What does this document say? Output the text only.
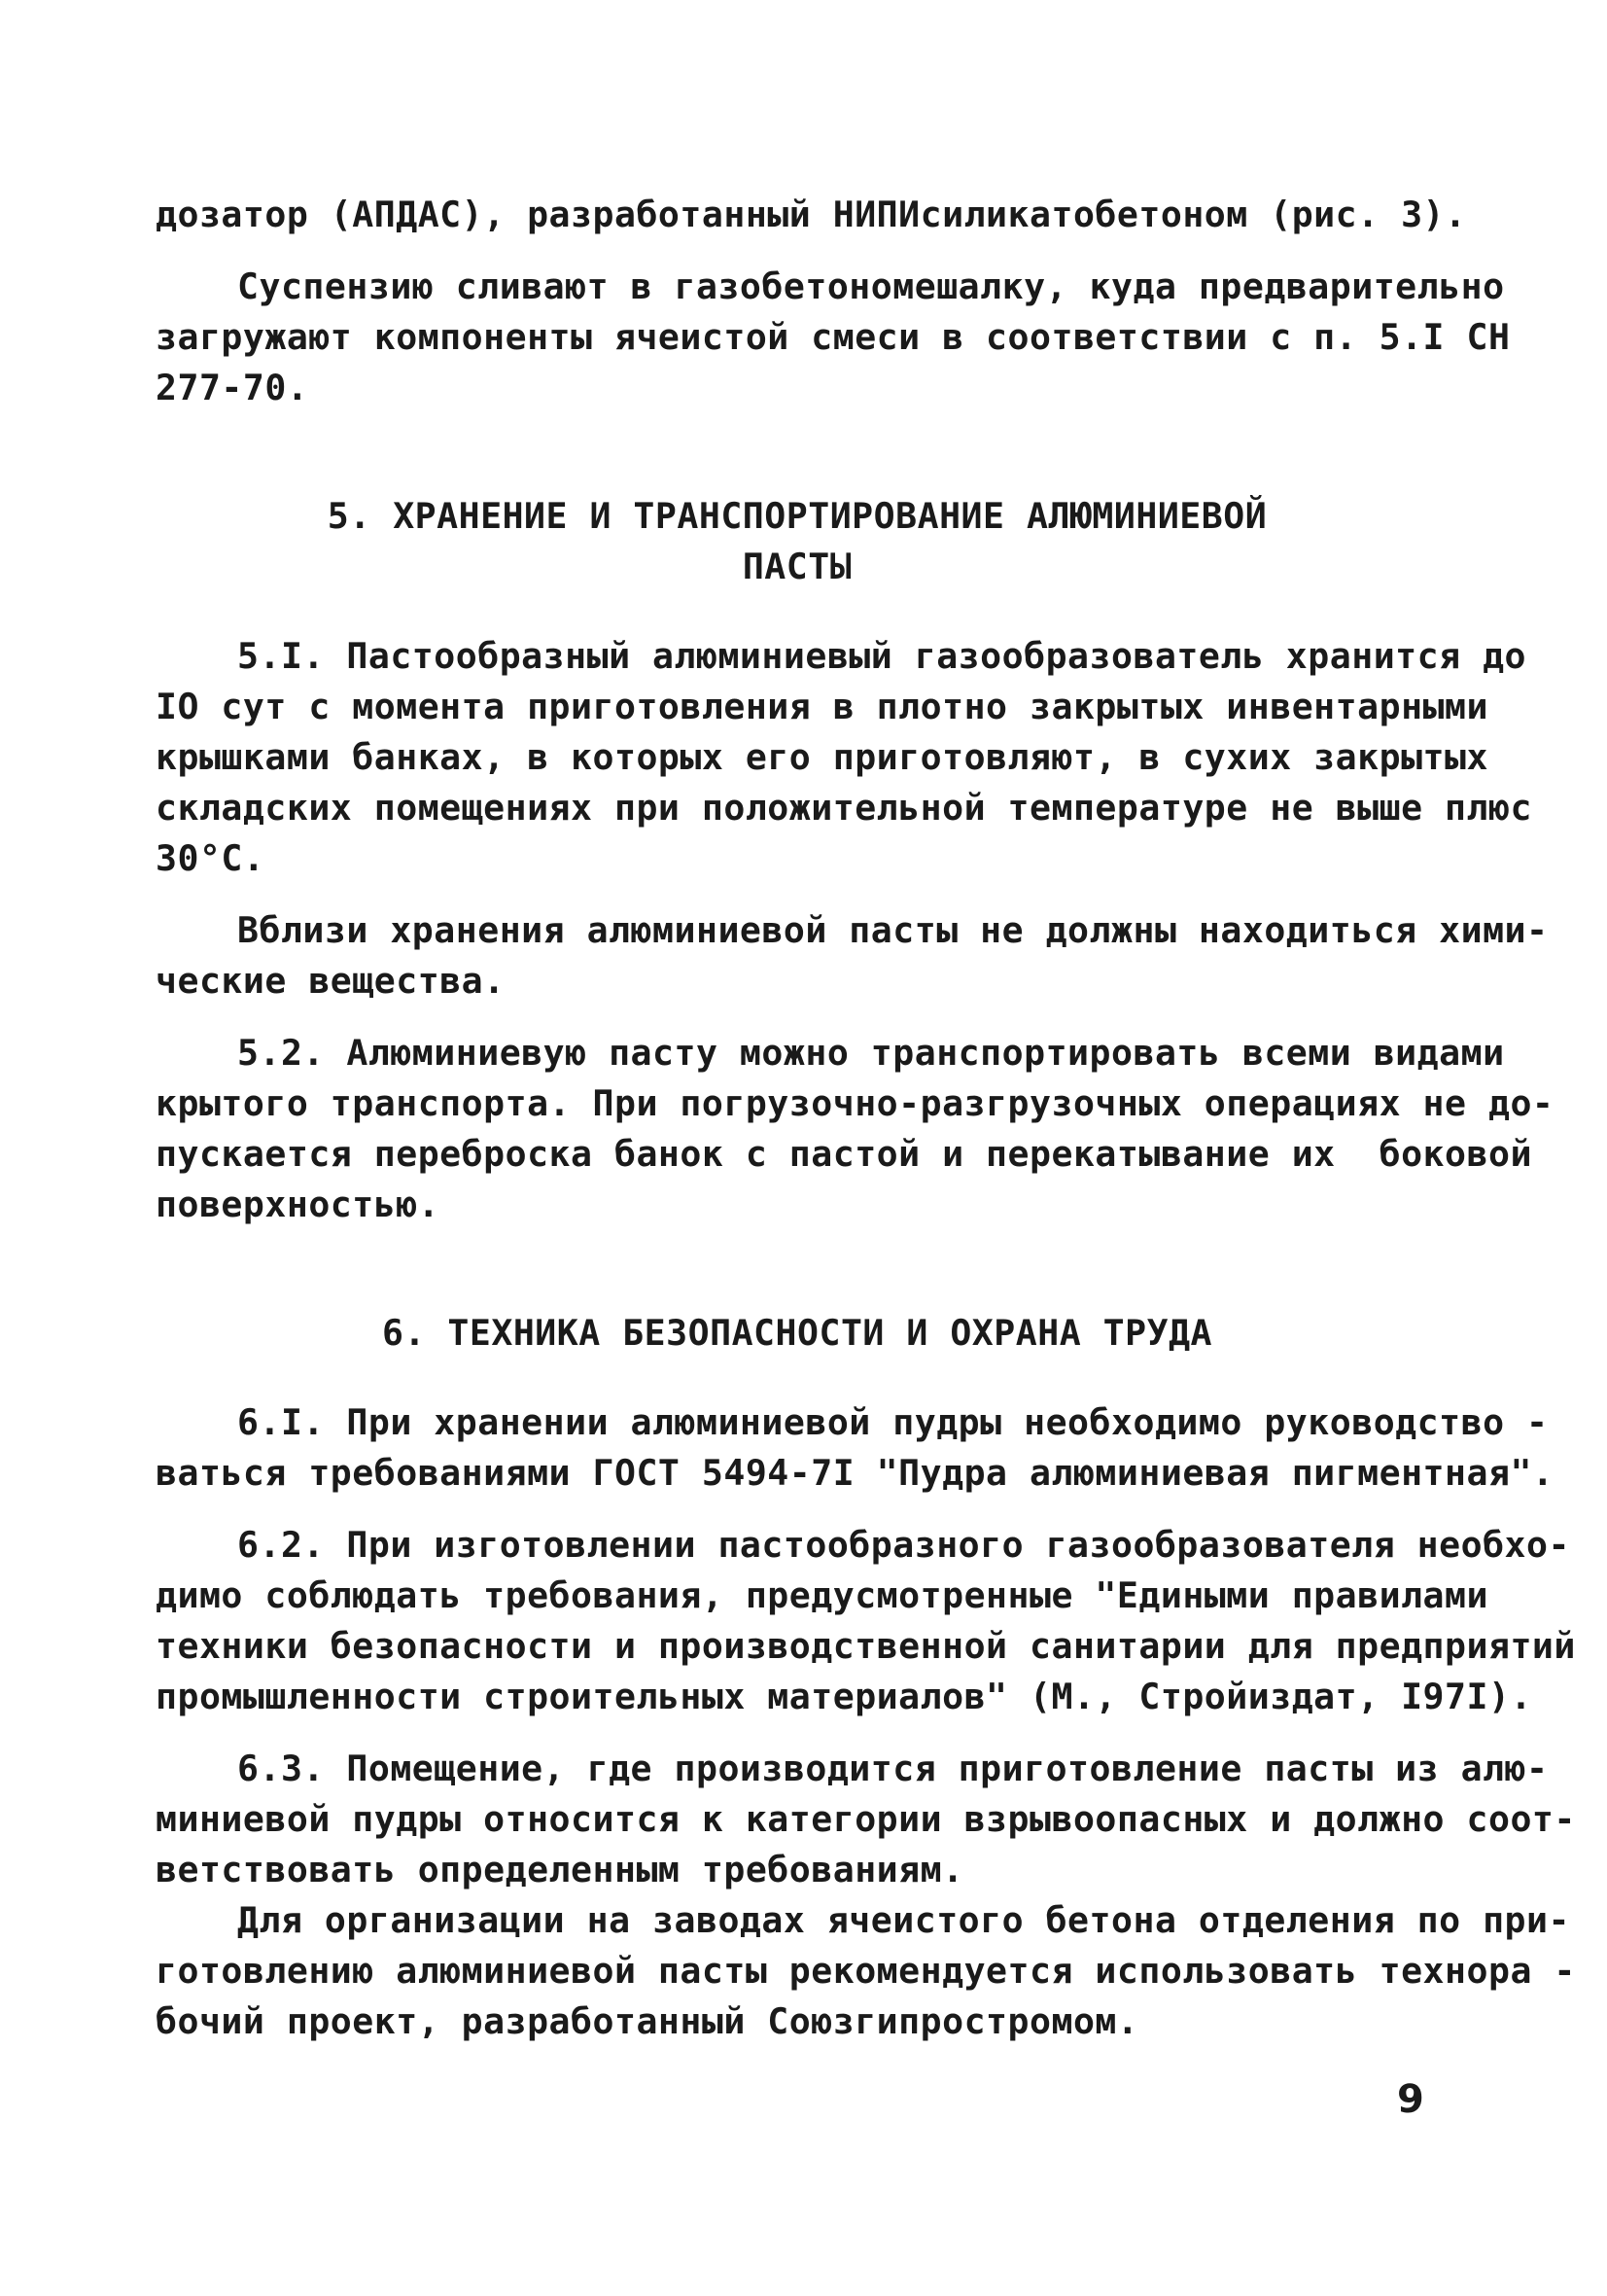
дозатор (АПДАС), разработанный НИПИсиликатобетоном (рис. 3).
Суспензию сливают в газобетономешалку, куда предварительно
загружают компоненты ячеистой смеси в соответствии с п. 5.I СН
277-70.
5. ХРАНЕНИЕ И ТРАНСПОРТИРОВАНИЕ АЛЮМИНИЕВОЙ
ПАСТЫ
5.I. Пастообразный алюминиевый газообразователь хранится до
IO сут с момента приготовления в плотно закрытых инвентарными
крышками банках, в которых его приготовляют, в сухих закрытых
складских помещениях при положительной температуре не выше плюс
30°С.
Вблизи хранения алюминиевой пасты не должны находиться хими-
ческие вещества.
5.2. Алюминиевую пасту можно транспортировать всеми видами
крытого транспорта. При погрузочно-разгрузочных операциях не до-
пускается переброска банок с пастой и перекатывание их  боковой
поверхностью.
6. ТЕХНИКА БЕЗОПАСНОСТИ И ОХРАНА ТРУДА
6.I. При хранении алюминиевой пудры необходимо руководство -
ваться требованиями ГОСТ 5494-7I "Пудра алюминиевая пигментная".
6.2. При изготовлении пастообразного газообразователя необхо-
димо соблюдать требования, предусмотренные "Едиными правилами
техники безопасности и производственной санитарии для предприятий
промышленности строительных материалов" (М., Стройиздат, I97I).
6.3. Помещение, где производится приготовление пасты из алю-
миниевой пудры относится к категории взрывоопасных и должно соот-
ветствовать определенным требованиям.
Для организации на заводах ячеистого бетона отделения по при-
готовлению алюминиевой пасты рекомендуется использовать технора -
бочий проект, разработанный Союзгипростромом.
9
